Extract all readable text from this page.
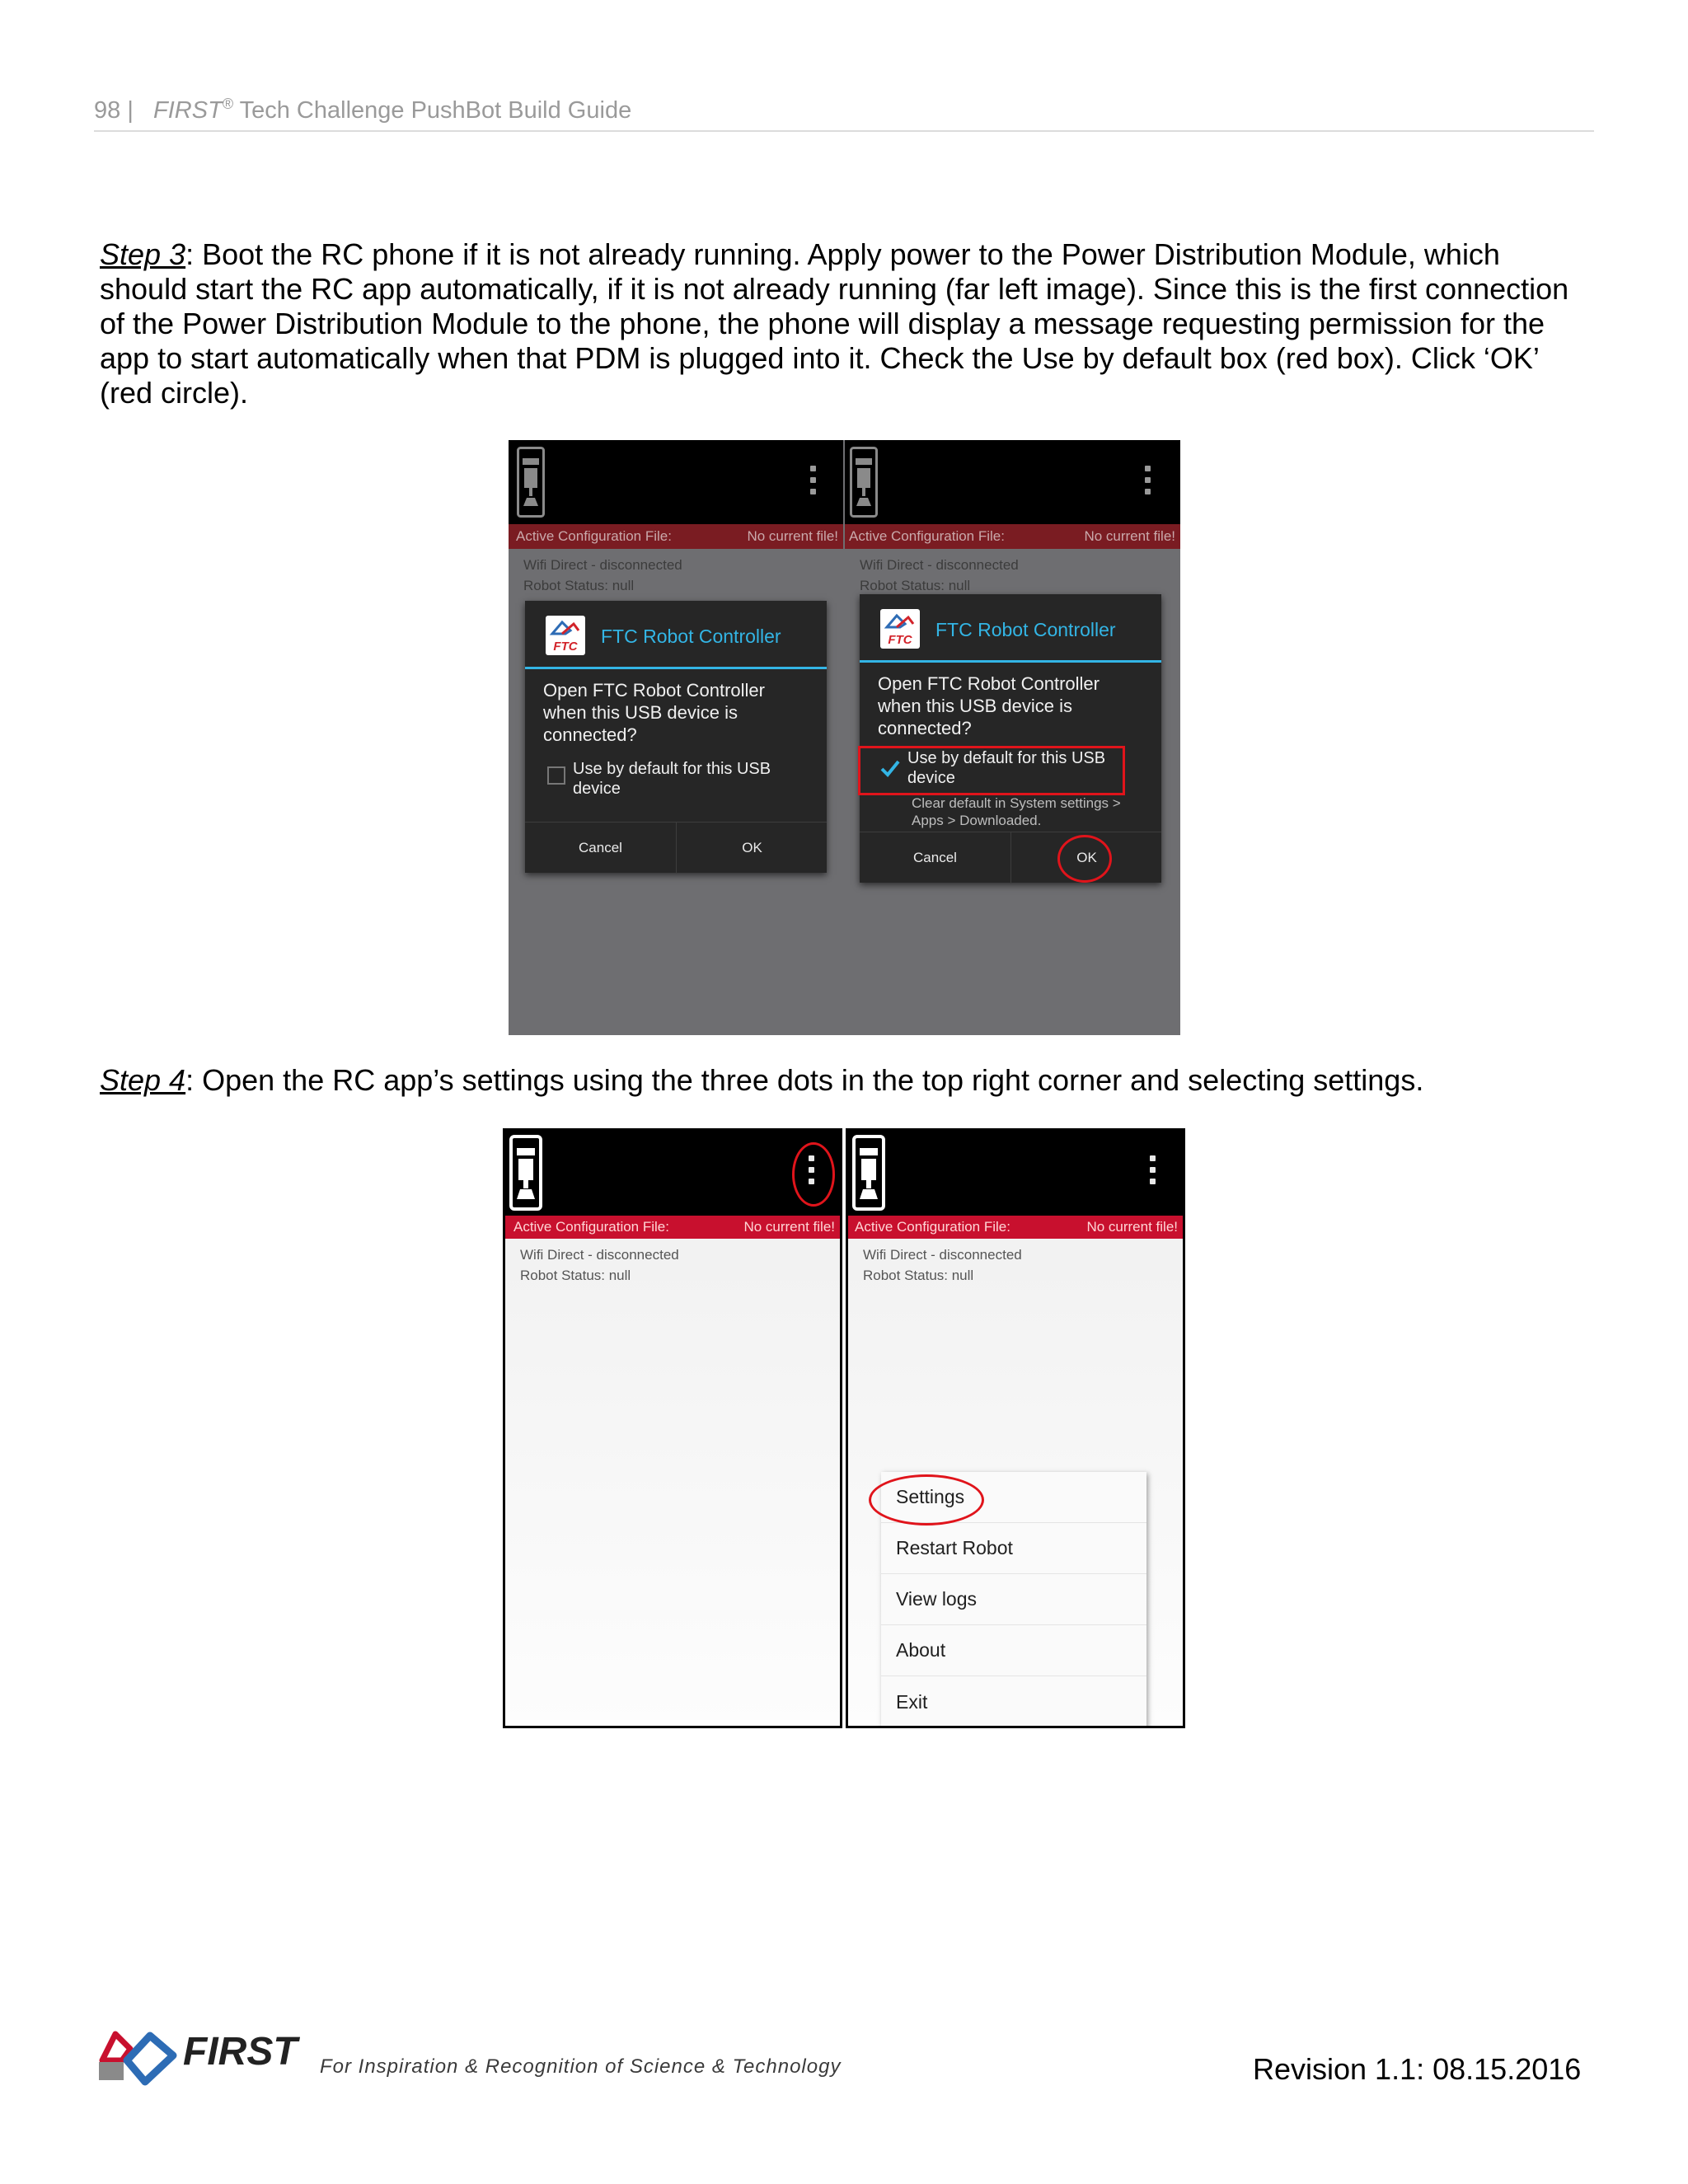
98 | FIRST® Tech Challenge PushBot Build Guide

Step 3: Boot the RC phone if it is not already running. Apply power to the Power Distribution Module, which should start the RC app automatically, if it is not already running (far left image). Since this is the first connection of the Power Distribution Module to the phone, the phone will display a message requesting permission for the app to start automatically when that PDM is plugged into it. Check the Use by default box (red box). Click ‘OK’ (red circle).

Active Configuration File:	No current file!
Wifi Direct - disconnected
Robot Status: null
FTC FTC Robot Controller
Open FTC Robot Controller when this USB device is connected?
Use by default for this USB device
Cancel	OK
Active Configuration File:	No current file!
Wifi Direct - disconnected
Robot Status: null
FTC FTC Robot Controller
Open FTC Robot Controller when this USB device is connected?
Use by default for this USB device
Clear default in System settings > Apps > Downloaded.
Cancel	OK

Step 4: Open the RC app’s settings using the three dots in the top right corner and selecting settings.

Active Configuration File:	No current file!
Wifi Direct - disconnected
Robot Status: null
Active Configuration File:	No current file!
Wifi Direct - disconnected
Robot Status: null
Settings
Restart Robot
View logs
About
Exit
FIRST For Inspiration & Recognition of Science & Technology	Revision 1.1: 08.15.2016
